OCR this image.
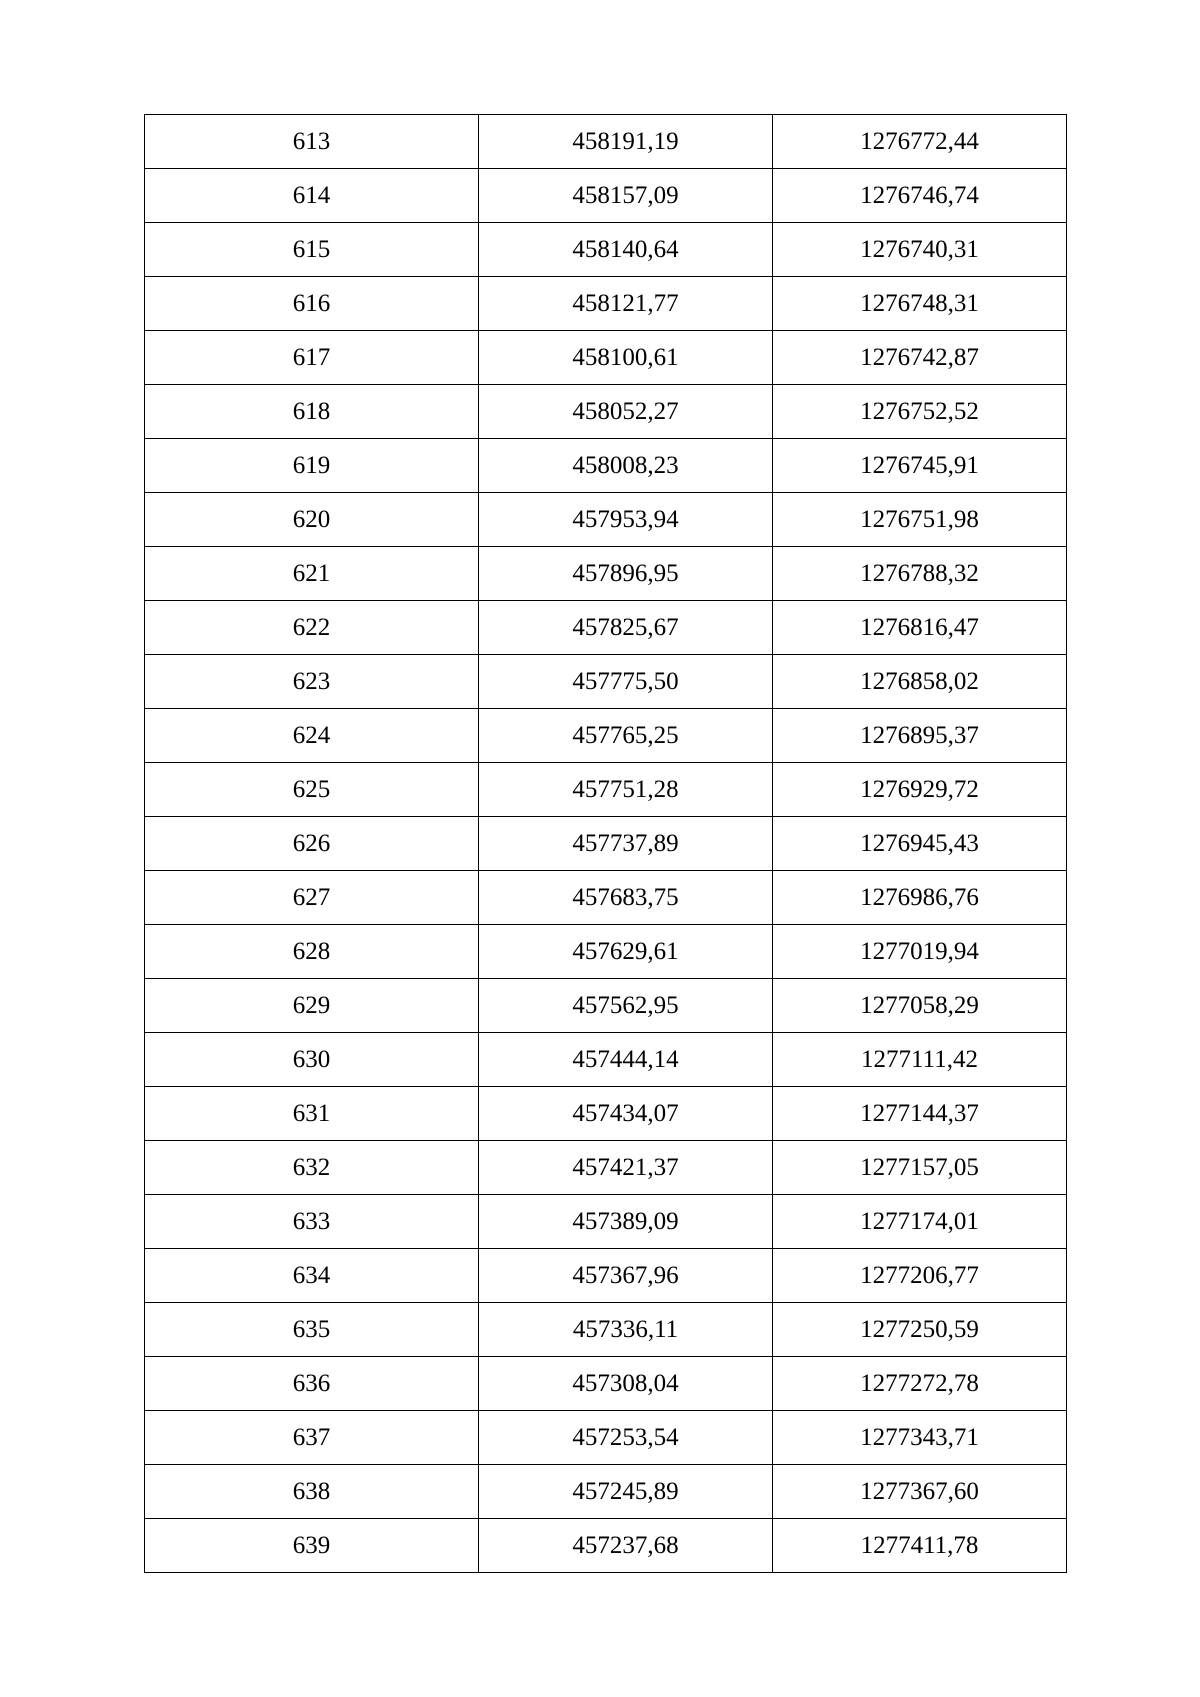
613	458191,19	1276772,44
614	458157,09	1276746,74
615	458140,64	1276740,31
616	458121,77	1276748,31
617	458100,61	1276742,87
618	458052,27	1276752,52
619	458008,23	1276745,91
620	457953,94	1276751,98
621	457896,95	1276788,32
622	457825,67	1276816,47
623	457775,50	1276858,02
624	457765,25	1276895,37
625	457751,28	1276929,72
626	457737,89	1276945,43
627	457683,75	1276986,76
628	457629,61	1277019,94
629	457562,95	1277058,29
630	457444,14	1277111,42
631	457434,07	1277144,37
632	457421,37	1277157,05
633	457389,09	1277174,01
634	457367,96	1277206,77
635	457336,11	1277250,59
636	457308,04	1277272,78
637	457253,54	1277343,71
638	457245,89	1277367,60
639	457237,68	1277411,78
